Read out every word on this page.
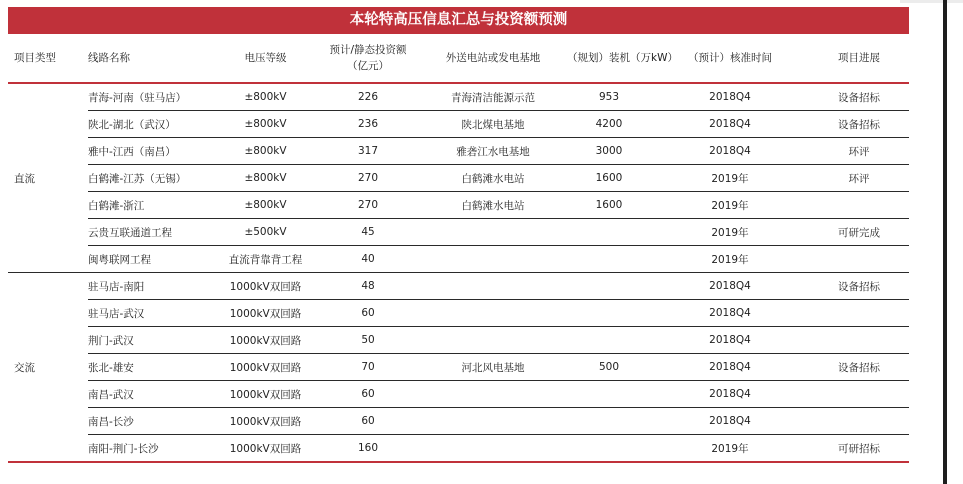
本轮特高压信息汇总与投资额预测
项目类型	线路名称	电压等级	预计/静态投资额
（亿元）	外送电站或发电基地	（规划）装机（万kW）	（预计）核准时间	项目进展
直流	青海-河南（驻马店）	±800kV	226	青海清洁能源示范	953	2018Q4	设备招标
	陕北-湖北（武汉）	±800kV	236	陕北煤电基地	4200	2018Q4	设备招标
	雅中-江西（南昌）	±800kV	317	雅砻江水电基地	3000	2018Q4	环评
	白鹤滩-江苏（无锡）	±800kV	270	白鹤滩水电站	1600	2019年	环评
	白鹤滩-浙江	±800kV	270	白鹤滩水电站	1600	2019年	
	云贵互联通道工程	±500kV	45			2019年	可研完成
	闽粤联网工程	直流背靠背工程	40			2019年	
交流	驻马店-南阳	1000kV双回路	48			2018Q4	设备招标
	驻马店-武汉	1000kV双回路	60			2018Q4	
	荆门-武汉	1000kV双回路	50			2018Q4	
	张北-雄安	1000kV双回路	70	河北风电基地	500	2018Q4	设备招标
	南昌-武汉	1000kV双回路	60			2018Q4	
	南昌-长沙	1000kV双回路	60			2018Q4	
	南阳-荆门-长沙	1000kV双回路	160			2019年	可研招标
